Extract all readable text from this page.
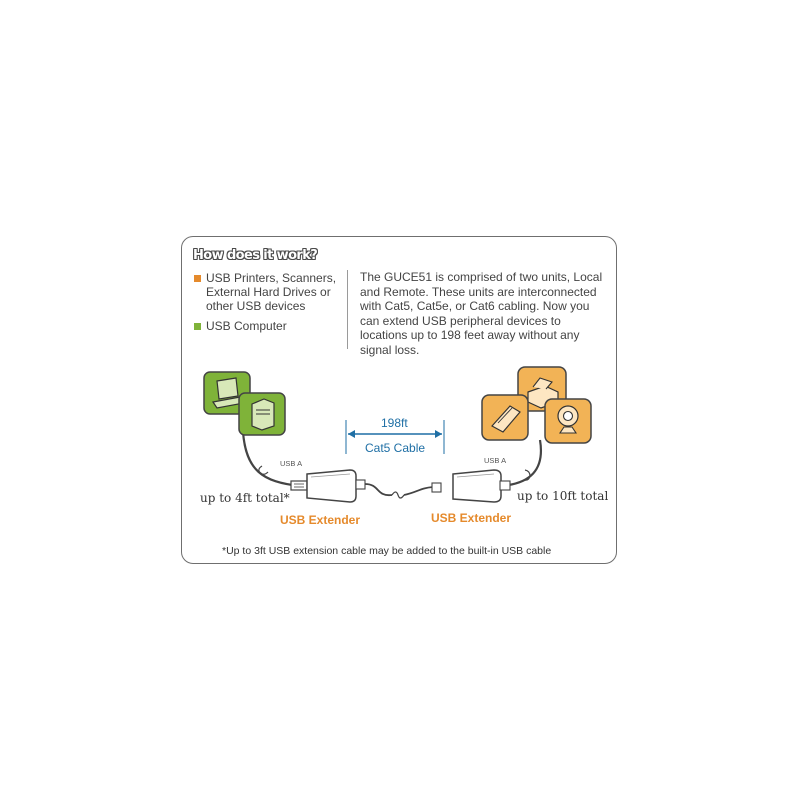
How does it work?
USB Printers, Scanners, External Hard Drives or other USB devices
USB Computer
The GUCE51 is comprised of two units, Local and Remote. These units are interconnected with Cat5, Cat5e, or Cat6 cabling. Now you can extend USB peripheral devices to locations up to 198 feet away without any signal loss.
198ft
Cat5 Cable
USB A	USB A
up to 4ft total*	up to 10ft total
USB Extender	USB Extender
*Up to 3ft USB extension cable may be added to the built-in USB cable
